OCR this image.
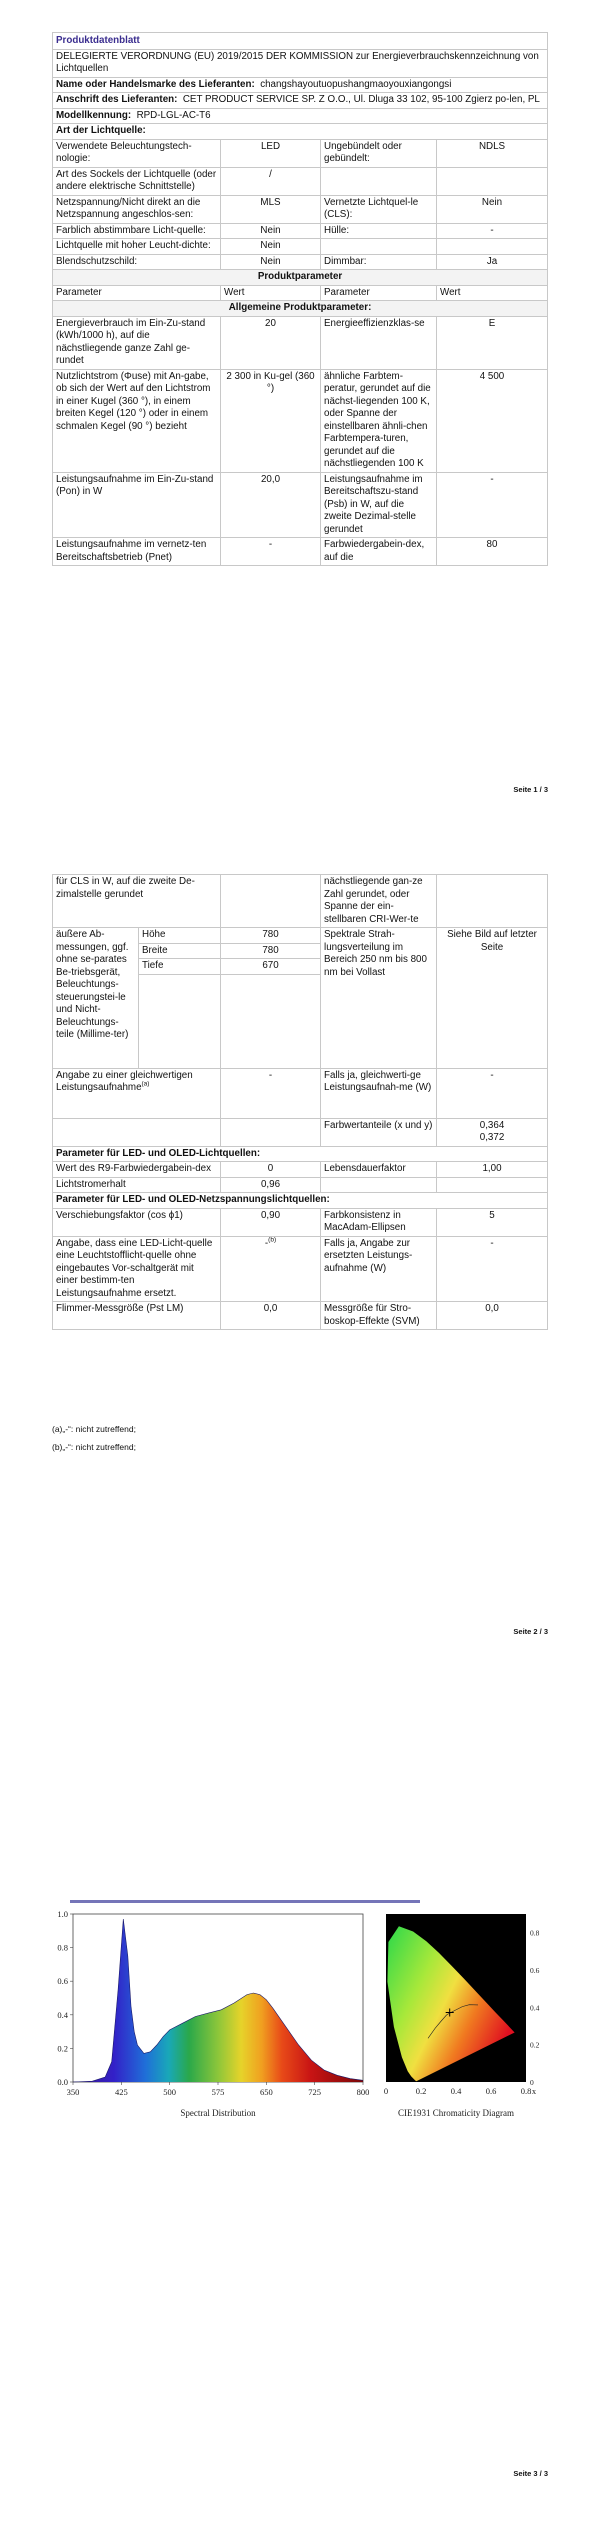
Produktdatenblatt			
DELEGIERTE VERORDNUNG (EU) 2019/2015 DER KOMMISSION zur Energieverbrauchskennzeichnung von Lichtquellen			
Name oder Handelsmarke des Lieferanten: changshayoutuopushangmaoyouxiangongsi			
Anschrift des Lieferanten: CET PRODUCT SERVICE SP. Z O.O., Ul. Dluga 33 102, 95-100 Zgierz po-len, PL			
Modellkennung: RPD-LGL-AC-T6			
Art der Lichtquelle:			
Verwendete Beleuchtungstech-nologie:	LED	Ungebündelt oder gebündelt:	NDLS
Art des Sockels der Lichtquelle (oder andere elektrische Schnittstelle)	/		
Netzspannung/Nicht direkt an die Netzspannung angeschlos-sen:	MLS	Vernetzte Lichtquel-le (CLS):	Nein
Farblich abstimmbare Licht-quelle:	Nein	Hülle:	-
Lichtquelle mit hoher Leucht-dichte:	Nein		
Blendschutzschild:	Nein	Dimmbar:	Ja
Produktparameter			
Parameter	Wert	Parameter	Wert
Allgemeine Produktparameter:			
Energieverbrauch im Ein-Zu-stand (kWh/1000 h), auf die nächstliegende ganze Zahl ge-rundet	20	Energieeffizienzklas-se	E
Nutzlichtstrom (Φuse) mit An-gabe, ob sich der Wert auf den Lichtstrom in einer Kugel (360 °), in einem breiten Kegel (120 °) oder in einem schmalen Kegel (90 °) bezieht	2 300 in Ku-gel (360 °)	ähnliche Farbtem-peratur, gerundet auf die nächst-liegenden 100 K, oder Spanne der einstellbaren ähnli-chen Farbtempera-turen, gerundet auf die nächstliegenden 100 K	4 500
Leistungsaufnahme im Ein-Zu-stand (Pon) in W	20,0	Leistungsaufnahme im Bereitschaftszu-stand (Psb) in W, auf die zweite Dezimal-stelle gerundet	-
Leistungsaufnahme im vernetz-ten Bereitschaftsbetrieb (Pnet)	-	Farbwiedergabein-dex, auf die	80
Seite 1 / 3
für CLS in W, auf die zweite De-zimalstelle gerundet			nächstliegende gan-ze Zahl gerundet, oder Spanne der ein-stellbaren CRI-Wer-te	
äußere Ab-messungen, ggf. ohne se-parates Be-triebsgerät, Beleuchtungs-steuerungstei-le und Nicht-Beleuchtungs-teile (Millime-ter)	Höhe	780	Spektrale Strah-lungsverteilung im Bereich 250 nm bis 800 nm bei Vollast	Siehe Bild auf letzter Seite
	Breite	780		
	Tiefe	670		

Angabe zu einer gleichwertigen Leistungsaufnahme$^{(a)}$		-	Falls ja, gleichwerti-ge Leistungsaufnah-me (W)	-
			Farbwertanteile (x und y)	0,364
0,372

Parameter für LED- und OLED-Lichtquellen:				
Wert des R9-Farbwiedergabein-dex		0	Lebensdauerfaktor	1,00
Lichtstromerhalt		0,96		
Parameter für LED- und OLED-Netzspannungslichtquellen:				
Verschiebungsfaktor (cos ϕ1)		0,90	Farbkonsistenz in MacAdam-Ellipsen	5
Angabe, dass eine LED-Licht-quelle eine Leuchtstofflicht-quelle ohne eingebautes Vor-schaltgerät mit einer bestimm-ten Leistungsaufnahme ersetzt.		-$^{(b)}$	Falls ja, Angabe zur ersetzten Leistungs-aufnahme (W)	-
Flimmer-Messgröße (Pst LM)		0,0	Messgröße für Stro-boskop-Effekte (SVM)	0,0
(a)„-“: nicht zutreffend;
(b)„-“: nicht zutreffend;
Seite 2 / 3
350	425	500	575	650	725	800
0.0
0.2
0.4
0.6
0.8
1.0
Spectral Distribution
0	0.2	0.4	0.6	0.8 x
0
0.2
0.4
0.6
0.8
CIE1931 Chromaticity Diagram
Seite 3 / 3
